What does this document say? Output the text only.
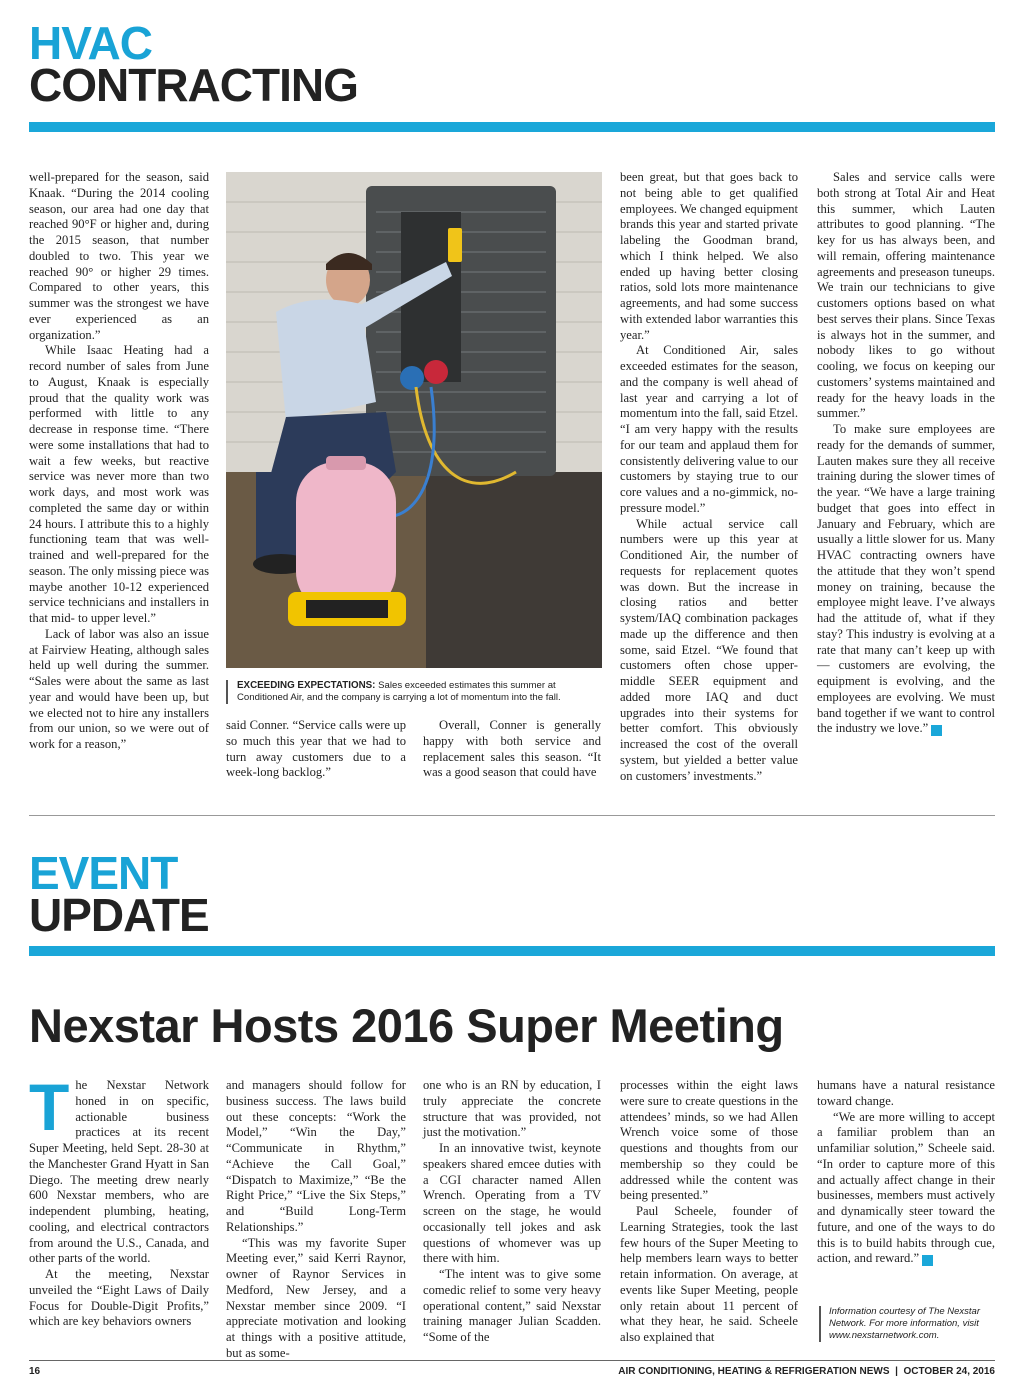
HVAC
CONTRACTING

well-prepared for the season, said Knaak. “During the 2014 cooling season, our area had one day that reached 90°F or higher and, during the 2015 season, that number doubled to two. This year we reached 90° or higher 29 times. Compared to other years, this summer was the strongest we have ever experienced as an organization.”

While Isaac Heating had a record number of sales from June to August, Knaak is especially proud that the quality work was performed with little to any decrease in response time. “There were some installations that had to wait a few weeks, but reactive service was never more than two work days, and most work was completed the same day or within 24 hours. I attribute this to a highly functioning team that was well-trained and well-prepared for the season. The only missing piece was maybe another 10-12 experienced service technicians and installers in that mid- to upper level.”

Lack of labor was also an issue at Fairview Heating, although sales held up well during the summer. “Sales were about the same as last year and would have been up, but we elected not to hire any installers from our union, so we were out of work for a reason,”

EXCEEDING EXPECTATIONS: Sales exceeded estimates this summer at Conditioned Air, and the company is carrying a lot of momentum into the fall.

said Conner. “Service calls were up so much this year that we had to turn away customers due to a week-long backlog.”

Overall, Conner is generally happy with both service and replacement sales this season. “It was a good season that could have

been great, but that goes back to not being able to get qualified employees. We changed equipment brands this year and started private labeling the Goodman brand, which I think helped. We also ended up having better closing ratios, sold lots more maintenance agreements, and had some success with extended labor warranties this year.”

At Conditioned Air, sales exceeded estimates for the season, and the company is well ahead of last year and carrying a lot of momentum into the fall, said Etzel. “I am very happy with the results for our team and applaud them for consistently delivering value to our customers by staying true to our core values and a no-gimmick, no-pressure model.”

While actual service call numbers were up this year at Conditioned Air, the number of requests for replacement quotes was down. But the increase in closing ratios and better system/IAQ combination packages made up the difference and then some, said Etzel. “We found that customers often chose upper-middle SEER equipment and added more IAQ and duct upgrades into their systems for better comfort. This obviously increased the cost of the overall system, but yielded a better value on customers’ investments.”

Sales and service calls were both strong at Total Air and Heat this summer, which Lauten attributes to good planning. “The key for us has always been, and will remain, offering maintenance agreements and preseason tuneups. We train our technicians to give customers options based on what best serves their plans. Since Texas is always hot in the summer, and nobody likes to go without cooling, we focus on keeping our customers’ systems maintained and ready for the heavy loads in the summer.”

To make sure employees are ready for the demands of summer, Lauten makes sure they all receive training during the slower times of the year. “We have a large training budget that goes into effect in January and February, which are usually a little slower for us. Many HVAC contracting owners have the attitude that they won’t spend money on training, because the employee might leave. I’ve always had the attitude of, what if they stay? This industry is evolving at a rate that many can’t keep up with — customers are evolving, the equipment is evolving, and the employees are evolving. We must band together if we want to control the industry we love.” N

EVENT
UPDATE
Nexstar Hosts 2016 Super Meeting

The Nexstar Network honed in on specific, actionable business practices at its recent Super Meeting, held Sept. 28-30 at the Manchester Grand Hyatt in San Diego. The meeting drew nearly 600 Nexstar members, who are independent plumbing, heating, cooling, and electrical contractors from around the U.S., Canada, and other parts of the world.

At the meeting, Nexstar unveiled the “Eight Laws of Daily Focus for Double-Digit Profits,” which are key behaviors owners

and managers should follow for business success. The laws build out these concepts: “Work the Model,” “Win the Day,” “Communicate in Rhythm,” “Achieve the Call Goal,” “Dispatch to Maximize,” “Be the Right Price,” “Live the Six Steps,” and “Build Long-Term Relationships.”

“This was my favorite Super Meeting ever,” said Kerri Raynor, owner of Raynor Services in Medford, New Jersey, and a Nexstar member since 2009. “I appreciate motivation and looking at things with a positive attitude, but as some-

one who is an RN by education, I truly appreciate the concrete structure that was provided, not just the motivation.”

In an innovative twist, keynote speakers shared emcee duties with a CGI character named Allen Wrench. Operating from a TV screen on the stage, he would occasionally tell jokes and ask questions of whomever was up there with him.

“The intent was to give some comedic relief to some very heavy operational content,” said Nexstar training manager Julian Scadden. “Some of the

processes within the eight laws were sure to create questions in the attendees’ minds, so we had Allen Wrench voice some of those questions and thoughts from our membership so they could be addressed while the content was being presented.”

Paul Scheele, founder of Learning Strategies, took the last few hours of the Super Meeting to help members learn ways to better retain information. On average, at events like Super Meeting, people only retain about 11 percent of what they hear, he said. Scheele also explained that

humans have a natural resistance toward change.

“We are more willing to accept a familiar problem than an unfamiliar solution,” Scheele said. “In order to capture more of this and actually affect change in their businesses, members must actively and dynamically steer toward the future, and one of the ways to do this is to build habits through cue, action, and reward.” N

Information courtesy of The Nexstar Network. For more information, visit www.nexstarnetwork.com.
16	AIR CONDITIONING, HEATING & REFRIGERATION NEWS | OCTOBER 24, 2016
